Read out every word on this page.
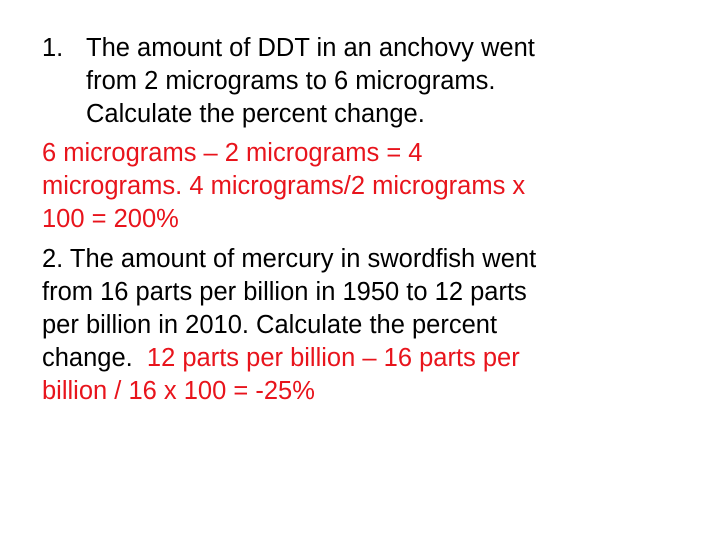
1. The amount of DDT in an anchovy went
from 2 micrograms to 6 micrograms.
Calculate the percent change.
6 micrograms – 2 micrograms = 4
micrograms. 4 micrograms/2 micrograms x
100 = 200%
2. The amount of mercury in swordfish went
from 16 parts per billion in 1950 to 12 parts
per billion in 2010. Calculate the percent
change.  12 parts per billion – 16 parts per
billion / 16 x 100 = -25%
